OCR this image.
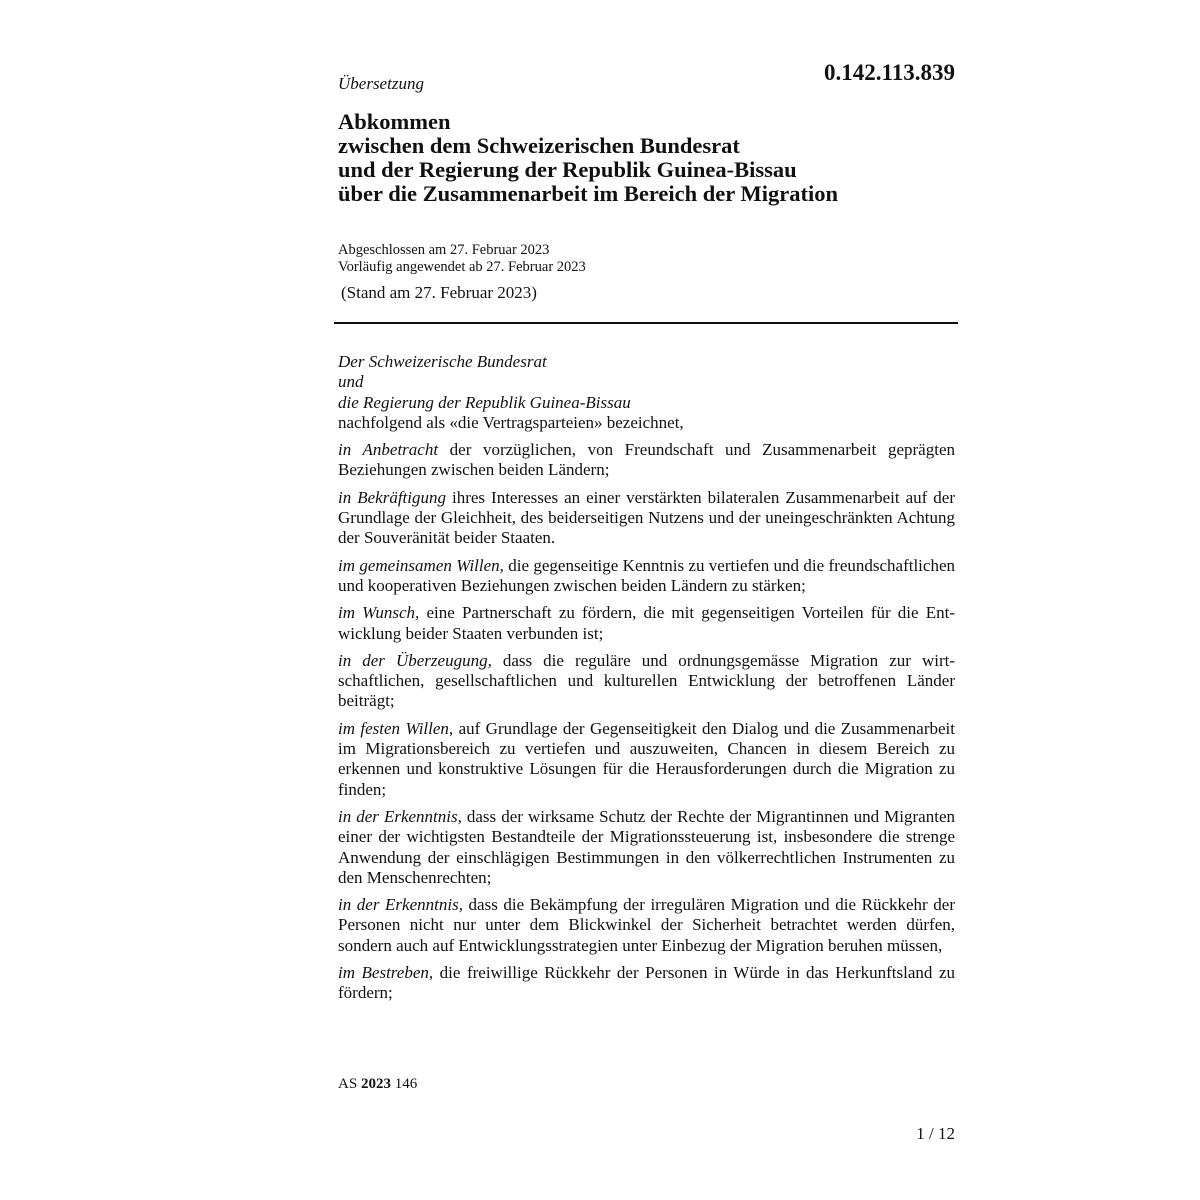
Übersetzung	0.142.113.839
Abkommen
zwischen dem Schweizerischen Bundesrat
und der Regierung der Republik Guinea-Bissau
über die Zusammenarbeit im Bereich der Migration
Abgeschlossen am 27. Februar 2023
Vorläufig angewendet ab 27. Februar 2023
(Stand am 27. Februar 2023)
Der Schweizerische Bundesrat
und
die Regierung der Republik Guinea-Bissau
nachfolgend als «die Vertragsparteien» bezeichnet,
in Anbetracht der vorzüglichen, von Freundschaft und Zusammenarbeit geprägten Beziehungen zwischen beiden Ländern;
in Bekräftigung ihres Interesses an einer verstärkten bilateralen Zusammenarbeit auf der Grundlage der Gleichheit, des beiderseitigen Nutzens und der uneingeschränkten Achtung der Souveränität beider Staaten.
im gemeinsamen Willen, die gegenseitige Kenntnis zu vertiefen und die freundschaftlichen und kooperativen Beziehungen zwischen beiden Ländern zu stärken;
im Wunsch, eine Partnerschaft zu fördern, die mit gegenseitigen Vorteilen für die Entwicklung beider Staaten verbunden ist;
in der Überzeugung, dass die reguläre und ordnungsgemässe Migration zur wirtschaftlichen, gesellschaftlichen und kulturellen Entwicklung der betroffenen Länder beiträgt;
im festen Willen, auf Grundlage der Gegenseitigkeit den Dialog und die Zusammenarbeit im Migrationsbereich zu vertiefen und auszuweiten, Chancen in diesem Bereich zu erkennen und konstruktive Lösungen für die Herausforderungen durch die Migration zu finden;
in der Erkenntnis, dass der wirksame Schutz der Rechte der Migrantinnen und Migranten einer der wichtigsten Bestandteile der Migrationssteuerung ist, insbesondere die strenge Anwendung der einschlägigen Bestimmungen in den völkerrechtlichen Instrumenten zu den Menschenrechten;
in der Erkenntnis, dass die Bekämpfung der irregulären Migration und die Rückkehr der Personen nicht nur unter dem Blickwinkel der Sicherheit betrachtet werden dürfen, sondern auch auf Entwicklungsstrategien unter Einbezug der Migration beruhen müssen,
im Bestreben, die freiwillige Rückkehr der Personen in Würde in das Herkunftsland zu fördern;
AS 2023 146
1 / 12
